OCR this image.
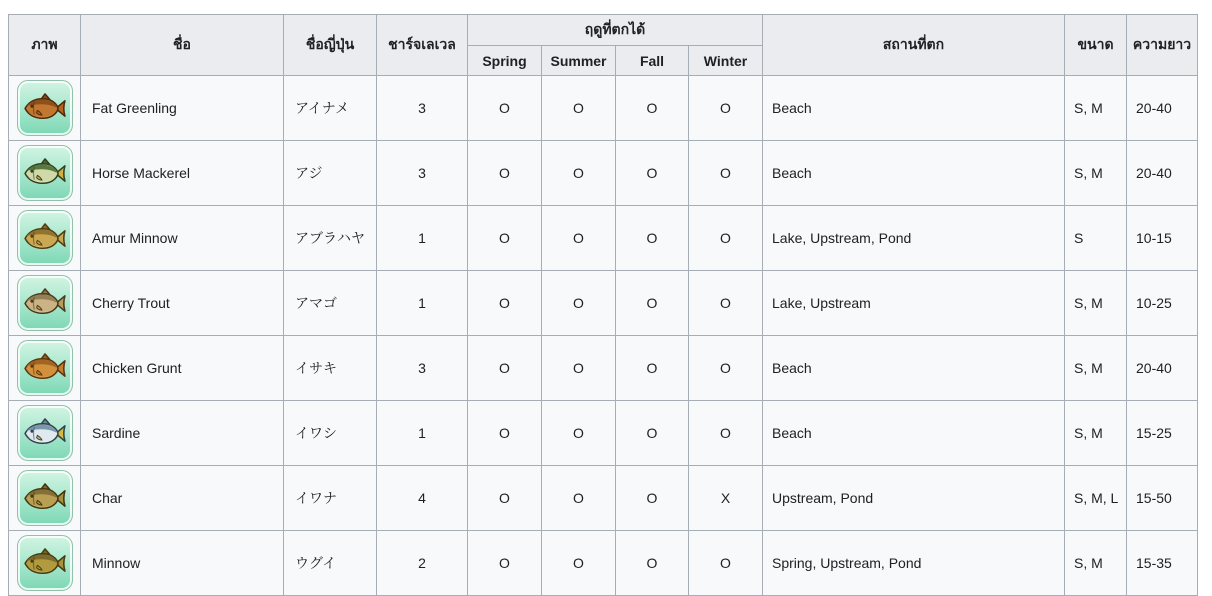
ภาพ	ชื่อ	ชื่อญี่ปุ่น	ชาร์จเลเวล	ฤดูที่ตกได้				สถานที่ตก	ขนาด	ความยาว
				Spring	Summer	Fall	Winter			

	Fat Greenling	アイナメ	3	O	O	O	O	Beach	S, M	20-40

	Horse Mackerel	アジ	3	O	O	O	O	Beach	S, M	20-40

	Amur Minnow	アブラハヤ	1	O	O	O	O	Lake, Upstream, Pond	S	10-15

	Cherry Trout	アマゴ	1	O	O	O	O	Lake, Upstream	S, M	10-25

	Chicken Grunt	イサキ	3	O	O	O	O	Beach	S, M	20-40

	Sardine	イワシ	1	O	O	O	O	Beach	S, M	15-25

	Char	イワナ	4	O	O	O	X	Upstream, Pond	S, M, L	15-50

	Minnow	ウグイ	2	O	O	O	O	Spring, Upstream, Pond	S, M	15-35
